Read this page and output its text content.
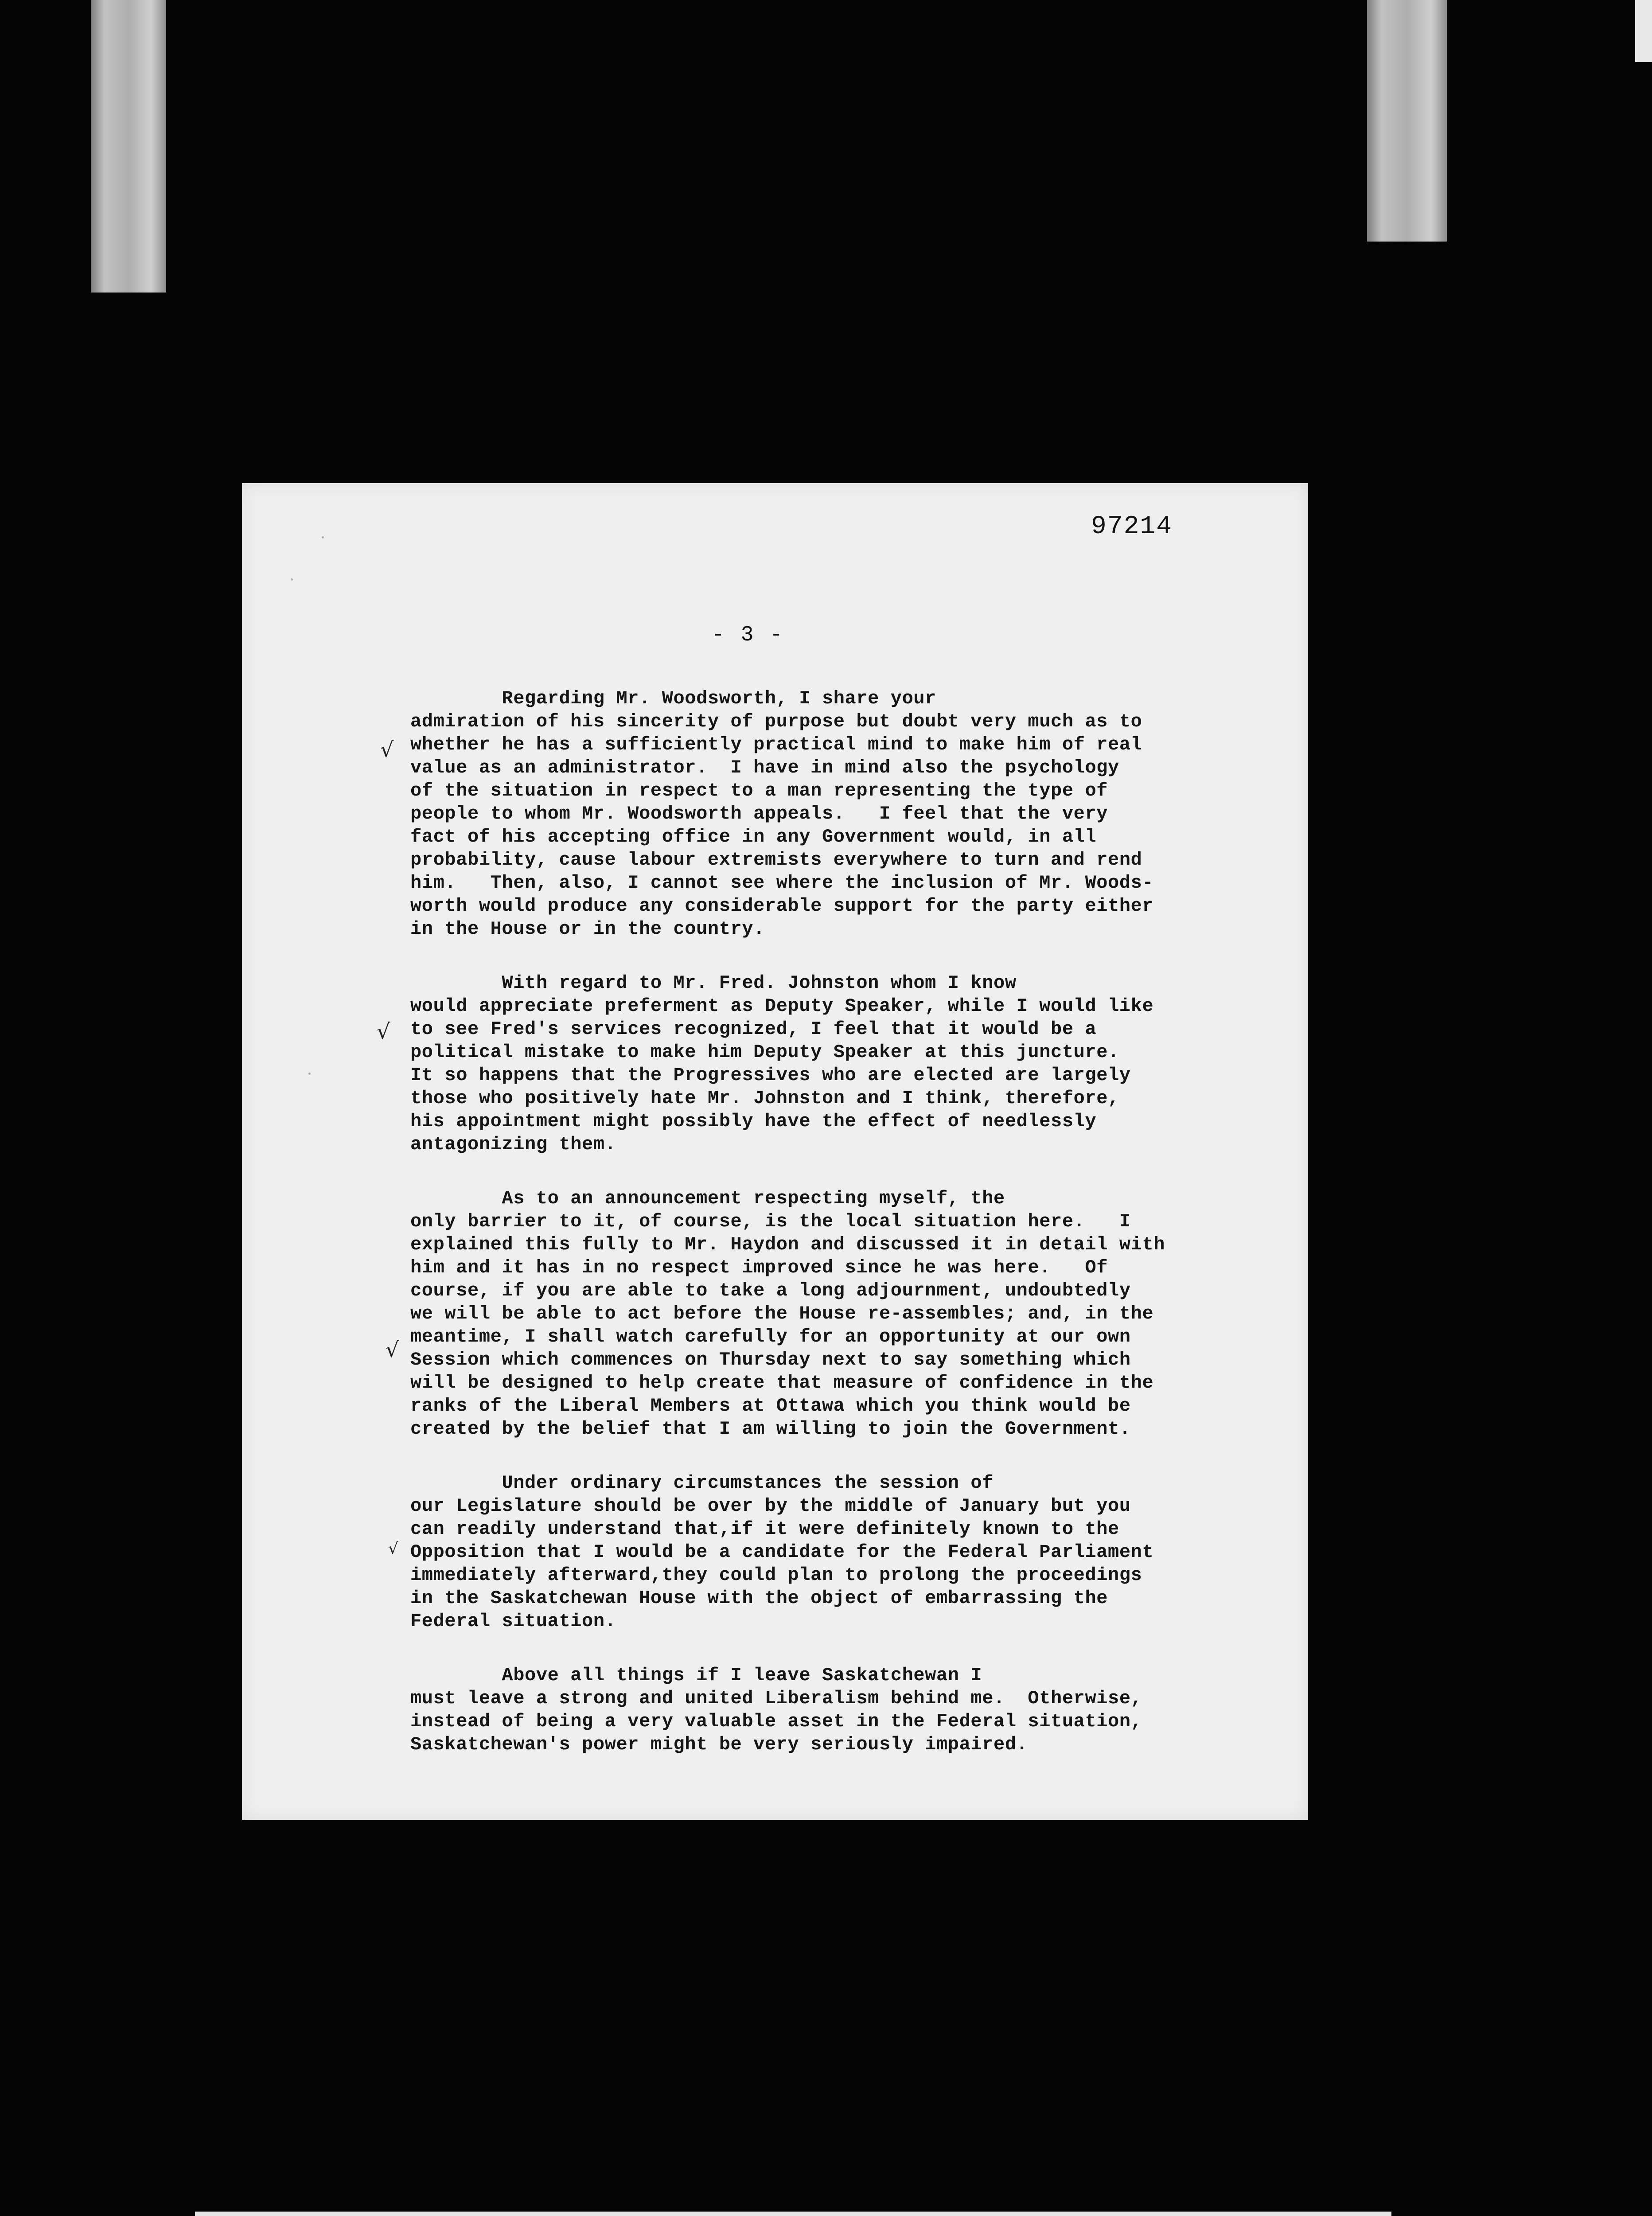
97214
- 3 -
Regarding Mr. Woodsworth, I share your
admiration of his sincerity of purpose but doubt very much as to
whether he has a sufficiently practical mind to make him of real
value as an administrator.  I have in mind also the psychology
of the situation in respect to a man representing the type of
people to whom Mr. Woodsworth appeals.   I feel that the very
fact of his accepting office in any Government would, in all
probability, cause labour extremists everywhere to turn and rend
him.   Then, also, I cannot see where the inclusion of Mr. Woods-
worth would produce any considerable support for the party either
in the House or in the country.
With regard to Mr. Fred. Johnston whom I know
would appreciate preferment as Deputy Speaker, while I would like
to see Fred's services recognized, I feel that it would be a
political mistake to make him Deputy Speaker at this juncture.
It so happens that the Progressives who are elected are largely
those who positively hate Mr. Johnston and I think, therefore,
his appointment might possibly have the effect of needlessly
antagonizing them.
As to an announcement respecting myself, the
only barrier to it, of course, is the local situation here.   I
explained this fully to Mr. Haydon and discussed it in detail with
him and it has in no respect improved since he was here.   Of
course, if you are able to take a long adjournment, undoubtedly
we will be able to act before the House re-assembles; and, in the
meantime, I shall watch carefully for an opportunity at our own
Session which commences on Thursday next to say something which
will be designed to help create that measure of confidence in the
ranks of the Liberal Members at Ottawa which you think would be
created by the belief that I am willing to join the Government.
Under ordinary circumstances the session of
our Legislature should be over by the middle of January but you
can readily understand that,if it were definitely known to the
Opposition that I would be a candidate for the Federal Parliament
immediately afterward,they could plan to prolong the proceedings
in the Saskatchewan House with the object of embarrassing the
Federal situation.
Above all things if I leave Saskatchewan I
must leave a strong and united Liberalism behind me.  Otherwise,
instead of being a very valuable asset in the Federal situation,
Saskatchewan's power might be very seriously impaired.
√
√
√
√
